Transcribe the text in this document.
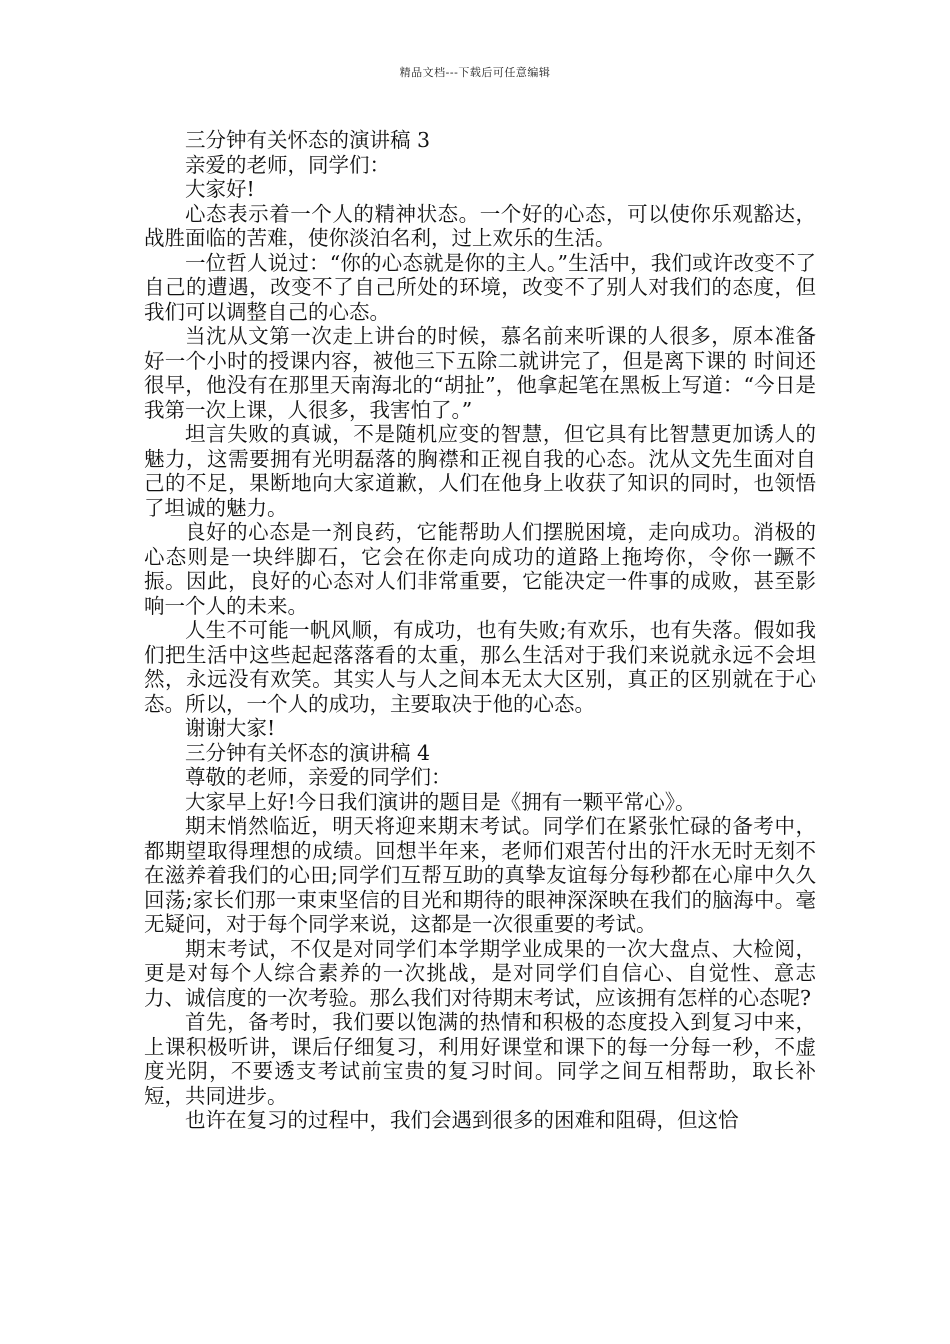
精品文档---下载后可任意编辑

三分钟有关怀态的演讲稿 3

亲爱的老师，同学们：

大家好!

心态表示着一个人的精神状态。一个好的心态，可以使你乐观豁达，战胜面临的苦难，使你淡泊名利，过上欢乐的生活。

一位哲人说过：“你的心态就是你的主人。”生活中，我们或许改变不了自己的遭遇，改变不了自己所处的环境，改变不了别人对我们的态度，但我们可以调整自己的心态。

当沈从文第一次走上讲台的时候，慕名前来听课的人很多，原本准备好一个小时的授课内容，被他三下五除二就讲完了，但是离下课的 时间还很早，他没有在那里天南海北的“胡扯”，他拿起笔在黑板上写道：“今日是我第一次上课，人很多，我害怕了。”

坦言失败的真诚，不是随机应变的智慧，但它具有比智慧更加诱人的魅力，这需要拥有光明磊落的胸襟和正视自我的心态。沈从文先生面对自己的不足，果断地向大家道歉，人们在他身上收获了知识的同时，也领悟了坦诚的魅力。

良好的心态是一剂良药，它能帮助人们摆脱困境，走向成功。消极的心态则是一块绊脚石，它会在你走向成功的道路上拖垮你，令你一蹶不振。因此，良好的心态对人们非常重要，它能决定一件事的成败，甚至影响一个人的未来。

人生不可能一帆风顺，有成功，也有失败;有欢乐，也有失落。假如我们把生活中这些起起落落看的太重，那么生活对于我们来说就永远不会坦然，永远没有欢笑。其实人与人之间本无太大区别，真正的区别就在于心态。所以，一个人的成功，主要取决于他的心态。

谢谢大家!

三分钟有关怀态的演讲稿 4

尊敬的老师，亲爱的同学们：

大家早上好!今日我们演讲的题目是《拥有一颗平常心》。

期末悄然临近，明天将迎来期末考试。同学们在紧张忙碌的备考中，都期望取得理想的成绩。回想半年来，老师们艰苦付出的汗水无时无刻不在滋养着我们的心田;同学们互帮互助的真挚友谊每分每秒都在心扉中久久回荡;家长们那一束束坚信的目光和期待的眼神深深映在我们的脑海中。毫无疑问，对于每个同学来说，这都是一次很重要的考试。

期末考试，不仅是对同学们本学期学业成果的一次大盘点、大检阅，更是对每个人综合素养的一次挑战，是对同学们自信心、自觉性、意志力、诚信度的一次考验。那么我们对待期末考试，应该拥有怎样的心态呢?

首先，备考时，我们要以饱满的热情和积极的态度投入到复习中来，上课积极听讲，课后仔细复习，利用好课堂和课下的每一分每一秒，不虚度光阴，不要透支考试前宝贵的复习时间。同学之间互相帮助，取长补短，共同进步。

也许在复习的过程中，我们会遇到很多的困难和阻碍，但这恰
